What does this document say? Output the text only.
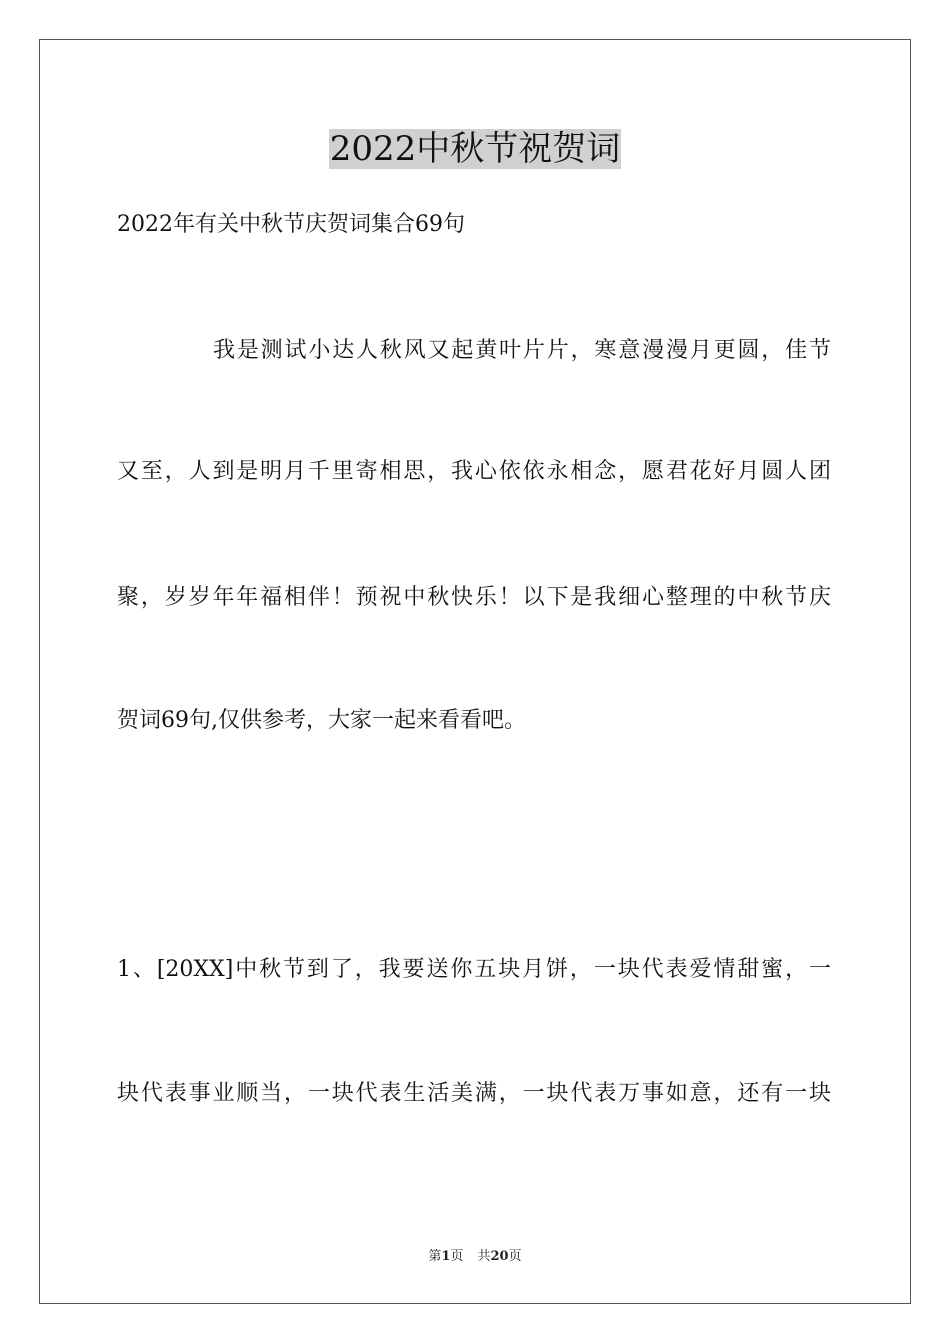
2022中秋节祝贺词
2022年有关中秋节庆贺词集合69句
我是测试小达人秋风又起黄叶片片，寒意漫漫月更圆，佳节
又至，人到是明月千里寄相思，我心依依永相念，愿君花好月圆人团
聚，岁岁年年福相伴！预祝中秋快乐！以下是我细心整理的中秋节庆
贺词69句,仅供参考，大家一起来看看吧。
1、[20XX]中秋节到了，我要送你五块月饼，一块代表爱情甜蜜，一
块代表事业顺当，一块代表生活美满，一块代表万事如意，还有一块
第1页 共20页
